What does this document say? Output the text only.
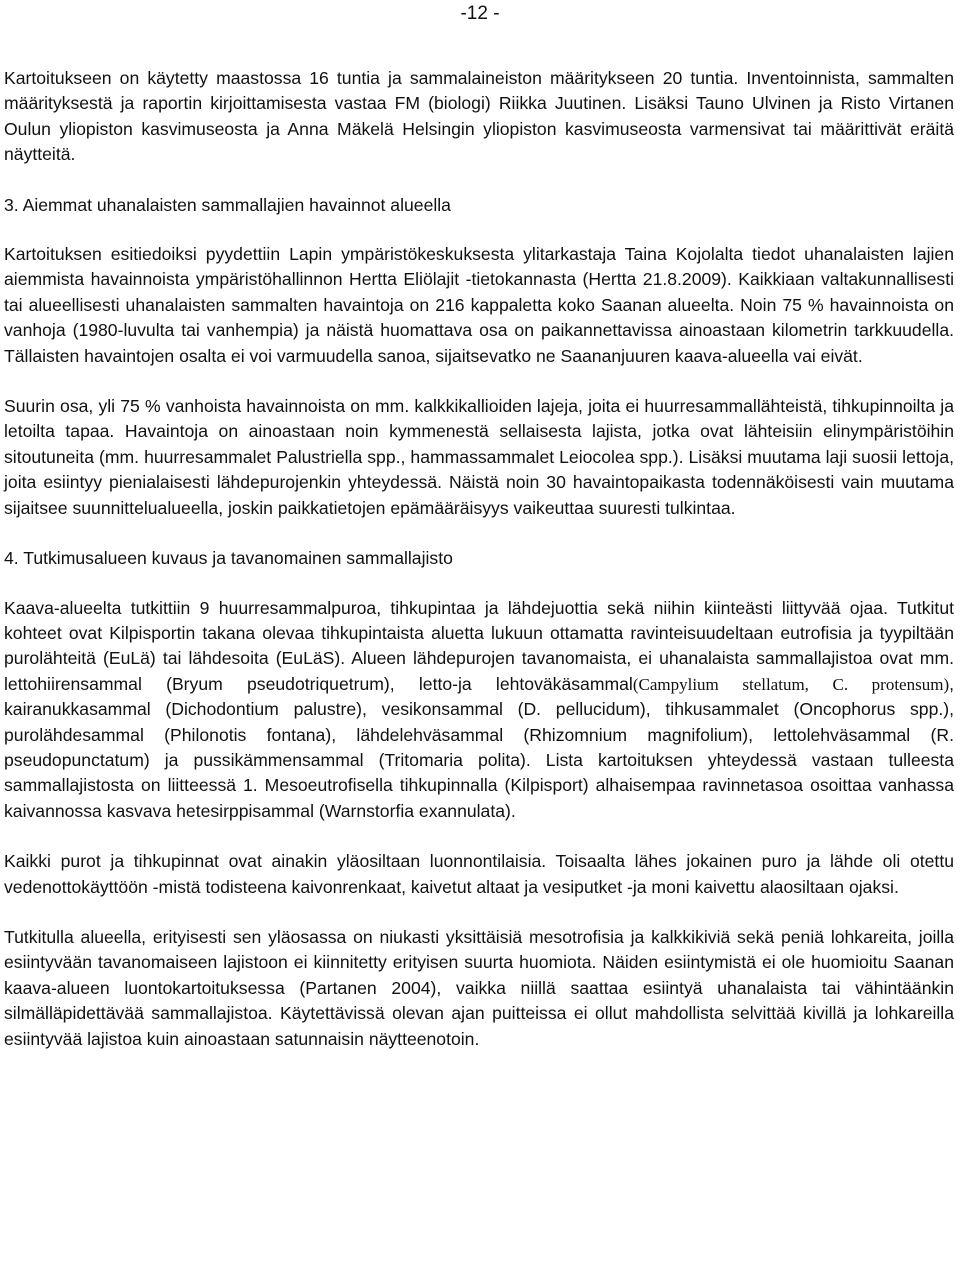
-12 -

Kartoitukseen on käytetty maastossa 16 tuntia ja sammalaineiston määritykseen 20 tuntia. Inventoinnista, sammalten määrityksestä ja raportin kirjoittamisesta vastaa FM (biologi) Riikka Juutinen. Lisäksi Tauno Ulvinen ja Risto Virtanen Oulun yliopiston kasvimuseosta ja Anna Mäkelä Helsingin yliopiston kasvimuseosta varmensivat tai määrittivät eräitä näytteitä.

3. Aiemmat uhanalaisten sammallajien havainnot alueella

Kartoituksen esitiedoiksi pyydettiin Lapin ympäristökeskuksesta ylitarkastaja Taina Kojolalta tiedot uhanalaisten lajien aiemmista havainnoista ympäristöhallinnon Hertta Eliölajit -tietokannasta (Hertta 21.8.2009). Kaikkiaan valtakunnallisesti tai alueellisesti uhanalaisten sammalten havaintoja on 216 kappaletta koko Saanan alueelta. Noin 75 % havainnoista on vanhoja (1980-luvulta tai vanhempia) ja näistä huomattava osa on paikannettavissa ainoastaan kilometrin tarkkuudella. Tällaisten havaintojen osalta ei voi varmuudella sanoa, sijaitsevatko ne Saananjuuren kaava-alueella vai eivät.

Suurin osa, yli 75 % vanhoista havainnoista on mm. kalkkikallioiden lajeja, joita ei huurresammallähteistä, tihkupinnoilta ja letoilta tapaa. Havaintoja on ainoastaan noin kymmenestä sellaisesta lajista, jotka ovat lähteisiin elinympäristöihin sitoutuneita (mm. huurresammalet Palustriella spp., hammassammalet Leiocolea spp.). Lisäksi muutama laji suosii lettoja, joita esiintyy pienialaisesti lähdepurojenkin yhteydessä. Näistä noin 30 havaintopaikasta todennäköisesti vain muutama sijaitsee suunnittelualueella, joskin paikkatietojen epämääräisyys vaikeuttaa suuresti tulkintaa.

4. Tutkimusalueen kuvaus ja tavanomainen sammallajisto

Kaava-alueelta tutkittiin 9 huurresammalpuroa, tihkupintaa ja lähdejuottia sekä niihin kiinteästi liittyvää ojaa. Tutkitut kohteet ovat Kilpisportin takana olevaa tihkupintaista aluetta lukuun ottamatta ravinteisuudeltaan eutrofisia ja tyypiltään purolähteitä (EuLä) tai lähdesoita (EuLäS). Alueen lähdepurojen tavanomaista, ei uhanalaista sammallajistoa ovat mm. lettohiirensammal (Bryum pseudotriquetrum), letto-ja lehtoväkäsammal(Campylium stellatum, C. protensum), kairanukkasammal (Dichodontium palustre), vesikonsammal (D. pellucidum), tihkusammalet (Oncophorus spp.), purolähdesammal (Philonotis fontana), lähdelehväsammal (Rhizomnium magnifolium), lettolehväsammal (R. pseudopunctatum) ja pussikämmensammal (Tritomaria polita). Lista kartoituksen yhteydessä vastaan tulleesta sammallajistosta on liitteessä 1. Mesoeutrofisella tihkupinnalla (Kilpisport) alhaisempaa ravinnetasoa osoittaa vanhassa kaivannossa kasvava hetesirppisammal (Warnstorfia exannulata).

Kaikki purot ja tihkupinnat ovat ainakin yläosiltaan luonnontilaisia. Toisaalta lähes jokainen puro ja lähde oli otettu vedenottokäyttöön -mistä todisteena kaivonrenkaat, kaivetut altaat ja vesiputket -ja moni kaivettu alaosiltaan ojaksi.

Tutkitulla alueella, erityisesti sen yläosassa on niukasti yksittäisiä mesotrofisia ja kalkkikiviä sekä peniä lohkareita, joilla esiintyvään tavanomaiseen lajistoon ei kiinnitetty erityisen suurta huomiota. Näiden esiintymistä ei ole huomioitu Saanan kaava-alueen luontokartoituksessa (Partanen 2004), vaikka niillä saattaa esiintyä uhanalaista tai vähintäänkin silmälläpidettävää sammallajistoa. Käytettävissä olevan ajan puitteissa ei ollut mahdollista selvittää kivillä ja lohkareilla esiintyvää lajistoa kuin ainoastaan satunnaisin näytteenotoin.
